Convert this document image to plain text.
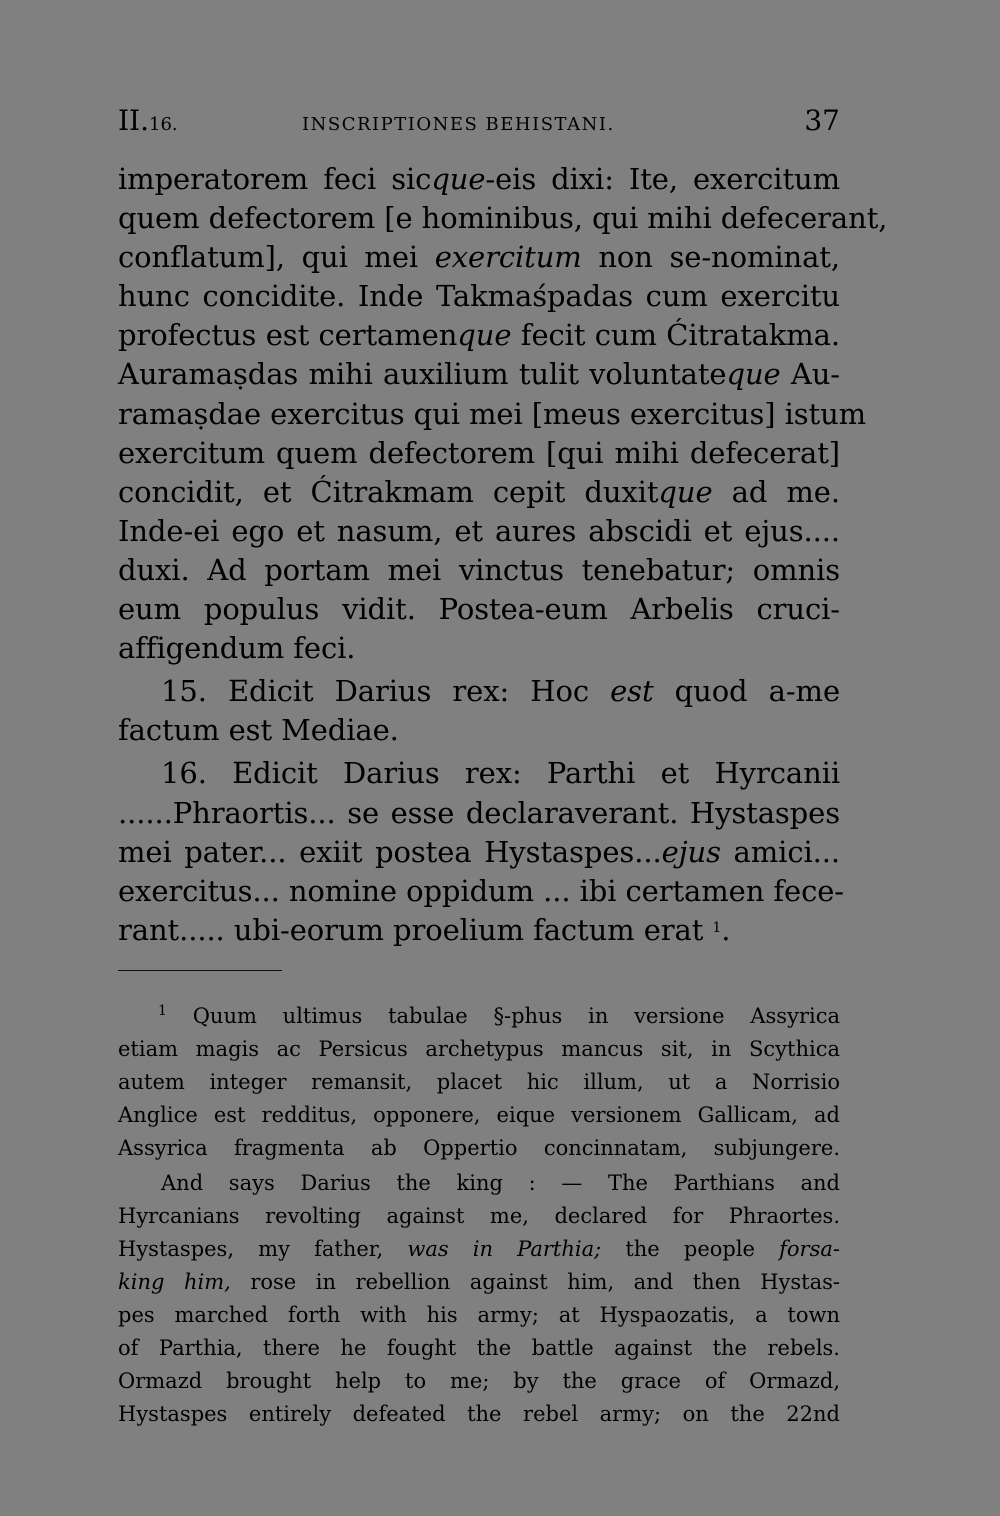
II.16.	INSCRIPTIONES BEHISTANI.	37
imperatorem feci sicque-eis dixi: Ite, exercitum
quem defectorem [e hominibus, qui mihi defecerant,
conflatum], qui mei exercitum non se-nominat,
hunc concidite. Inde Takmaśpadas cum exercitu
profectus est certamenque fecit cum Ćitratakma.
Auramaṣdas mihi auxilium tulit voluntateque Au-
ramaṣdae exercitus qui mei [meus exercitus] istum
exercitum quem defectorem [qui mihi defecerat]
concidit, et Ćitrakmam cepit duxitque ad me.
Inde-ei ego et nasum, et aures abscidi et ejus....
duxi. Ad portam mei vinctus tenebatur; omnis
eum populus vidit. Postea-eum Arbelis cruci-
affigendum feci.
15. Edicit Darius rex: Hoc est quod a-me
factum est Mediae.
16. Edicit Darius rex: Parthi et Hyrcanii
......Phraortis... se esse declaraverant. Hystaspes
mei pater... exiit postea Hystaspes...ejus amici...
exercitus... nomine oppidum ... ibi certamen fece-
rant..... ubi-eorum proelium factum erat $^1$.
$^1$ Quum ultimus tabulae §-phus in versione Assyrica
etiam magis ac Persicus archetypus mancus sit, in Scythica
autem integer remansit, placet hic illum, ut a Norrisio
Anglice est redditus, opponere, eique versionem Gallicam, ad
Assyrica fragmenta ab Oppertio concinnatam, subjungere.
And says Darius the king : — The Parthians and
Hyrcanians revolting against me, declared for Phraortes.
Hystaspes, my father, was in Parthia; the people forsa-
king him, rose in rebellion against him, and then Hystas-
pes marched forth with his army; at Hyspaozatis, a town
of Parthia, there he fought the battle against the rebels.
Ormazd brought help to me; by the grace of Ormazd,
Hystaspes entirely defeated the rebel army; on the 22nd
